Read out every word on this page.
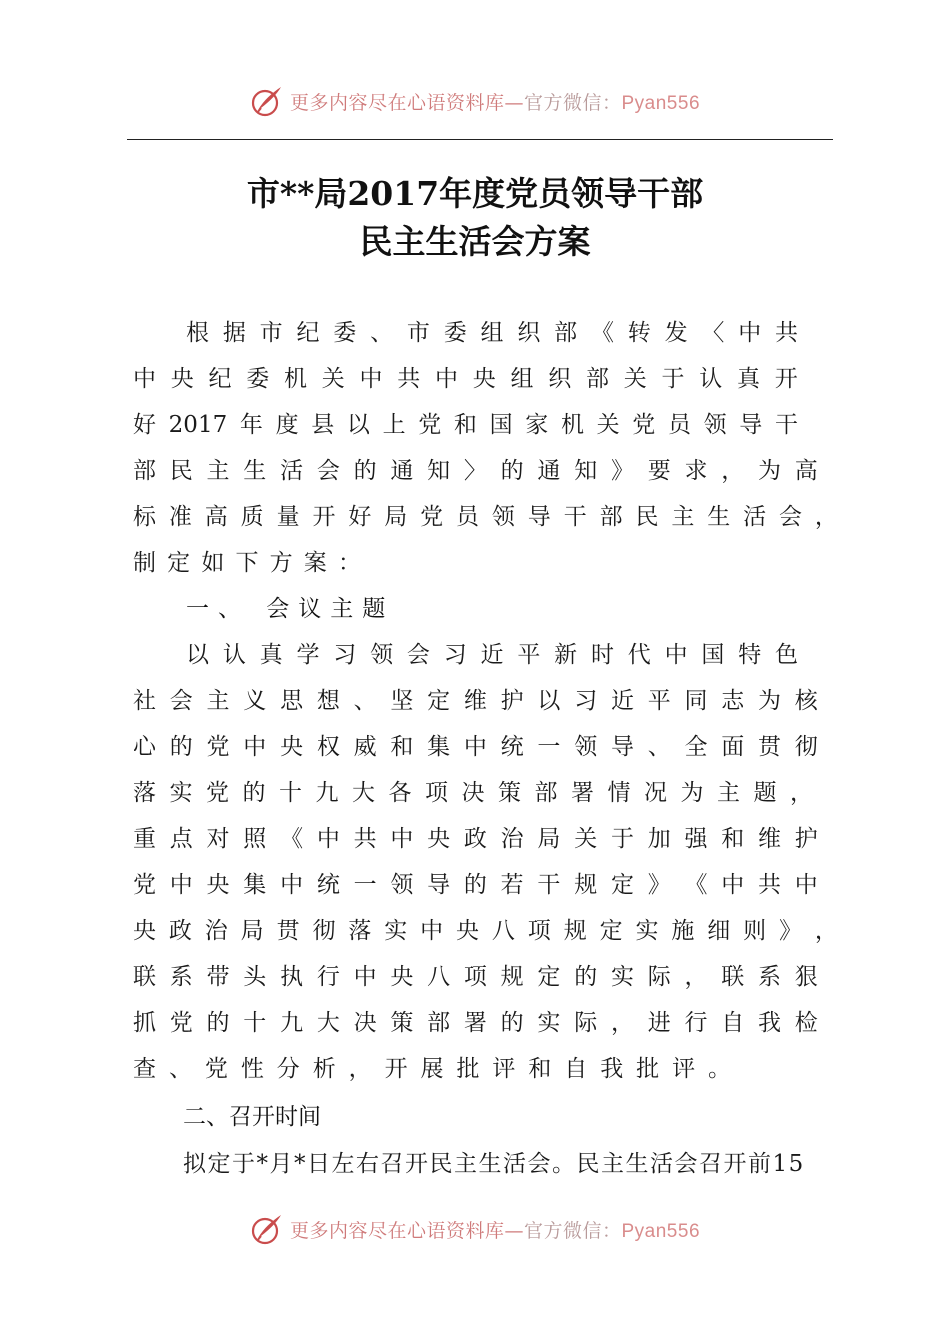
更多内容尽在心语资料库—官方微信：Pyan556
市**局2017年度党员领导干部
民主生活会方案
根 据 市 纪 委 、 市 委 组 织 部 《 转 发 〈 中 共
中 央 纪 委 机 关 中 共 中 央 组 织 部 关 于 认 真 开
好 2017 年 度 县 以 上 党 和 国 家 机 关 党 员 领 导 干
部 民 主 生 活 会 的 通 知 〉 的 通 知 》 要 求 ， 为 高
标 准 高 质 量 开 好 局 党 员 领 导 干 部 民 主 生 活 会 ，
制 定 如 下 方 案 ：
一、 会议主题
以 认 真 学 习 领 会 习 近 平 新 时 代 中 国 特 色
社 会 主 义 思 想 、 坚 定 维 护 以 习 近 平 同 志 为 核
心 的 党 中 央 权 威 和 集 中 统 一 领 导 、 全 面 贯 彻
落 实 党 的 十 九 大 各 项 决 策 部 署 情 况 为 主 题 ，
重 点 对 照 《 中 共 中 央 政 治 局 关 于 加 强 和 维 护
党 中 央 集 中 统 一 领 导 的 若 干 规 定 》 《 中 共 中
央 政 治 局 贯 彻 落 实 中 央 八 项 规 定 实 施 细 则 》 ，
联 系 带 头 执 行 中 央 八 项 规 定 的 实 际 ， 联 系 狠
抓 党 的 十 九 大 决 策 部 署 的 实 际 ， 进 行 自 我 检
查 、 党 性 分 析 ， 开 展 批 评 和 自 我 批 评 。
二、召开时间
拟定于*月*日左右召开民主生活会。民主生活会召开前15
更多内容尽在心语资料库—官方微信：Pyan556
